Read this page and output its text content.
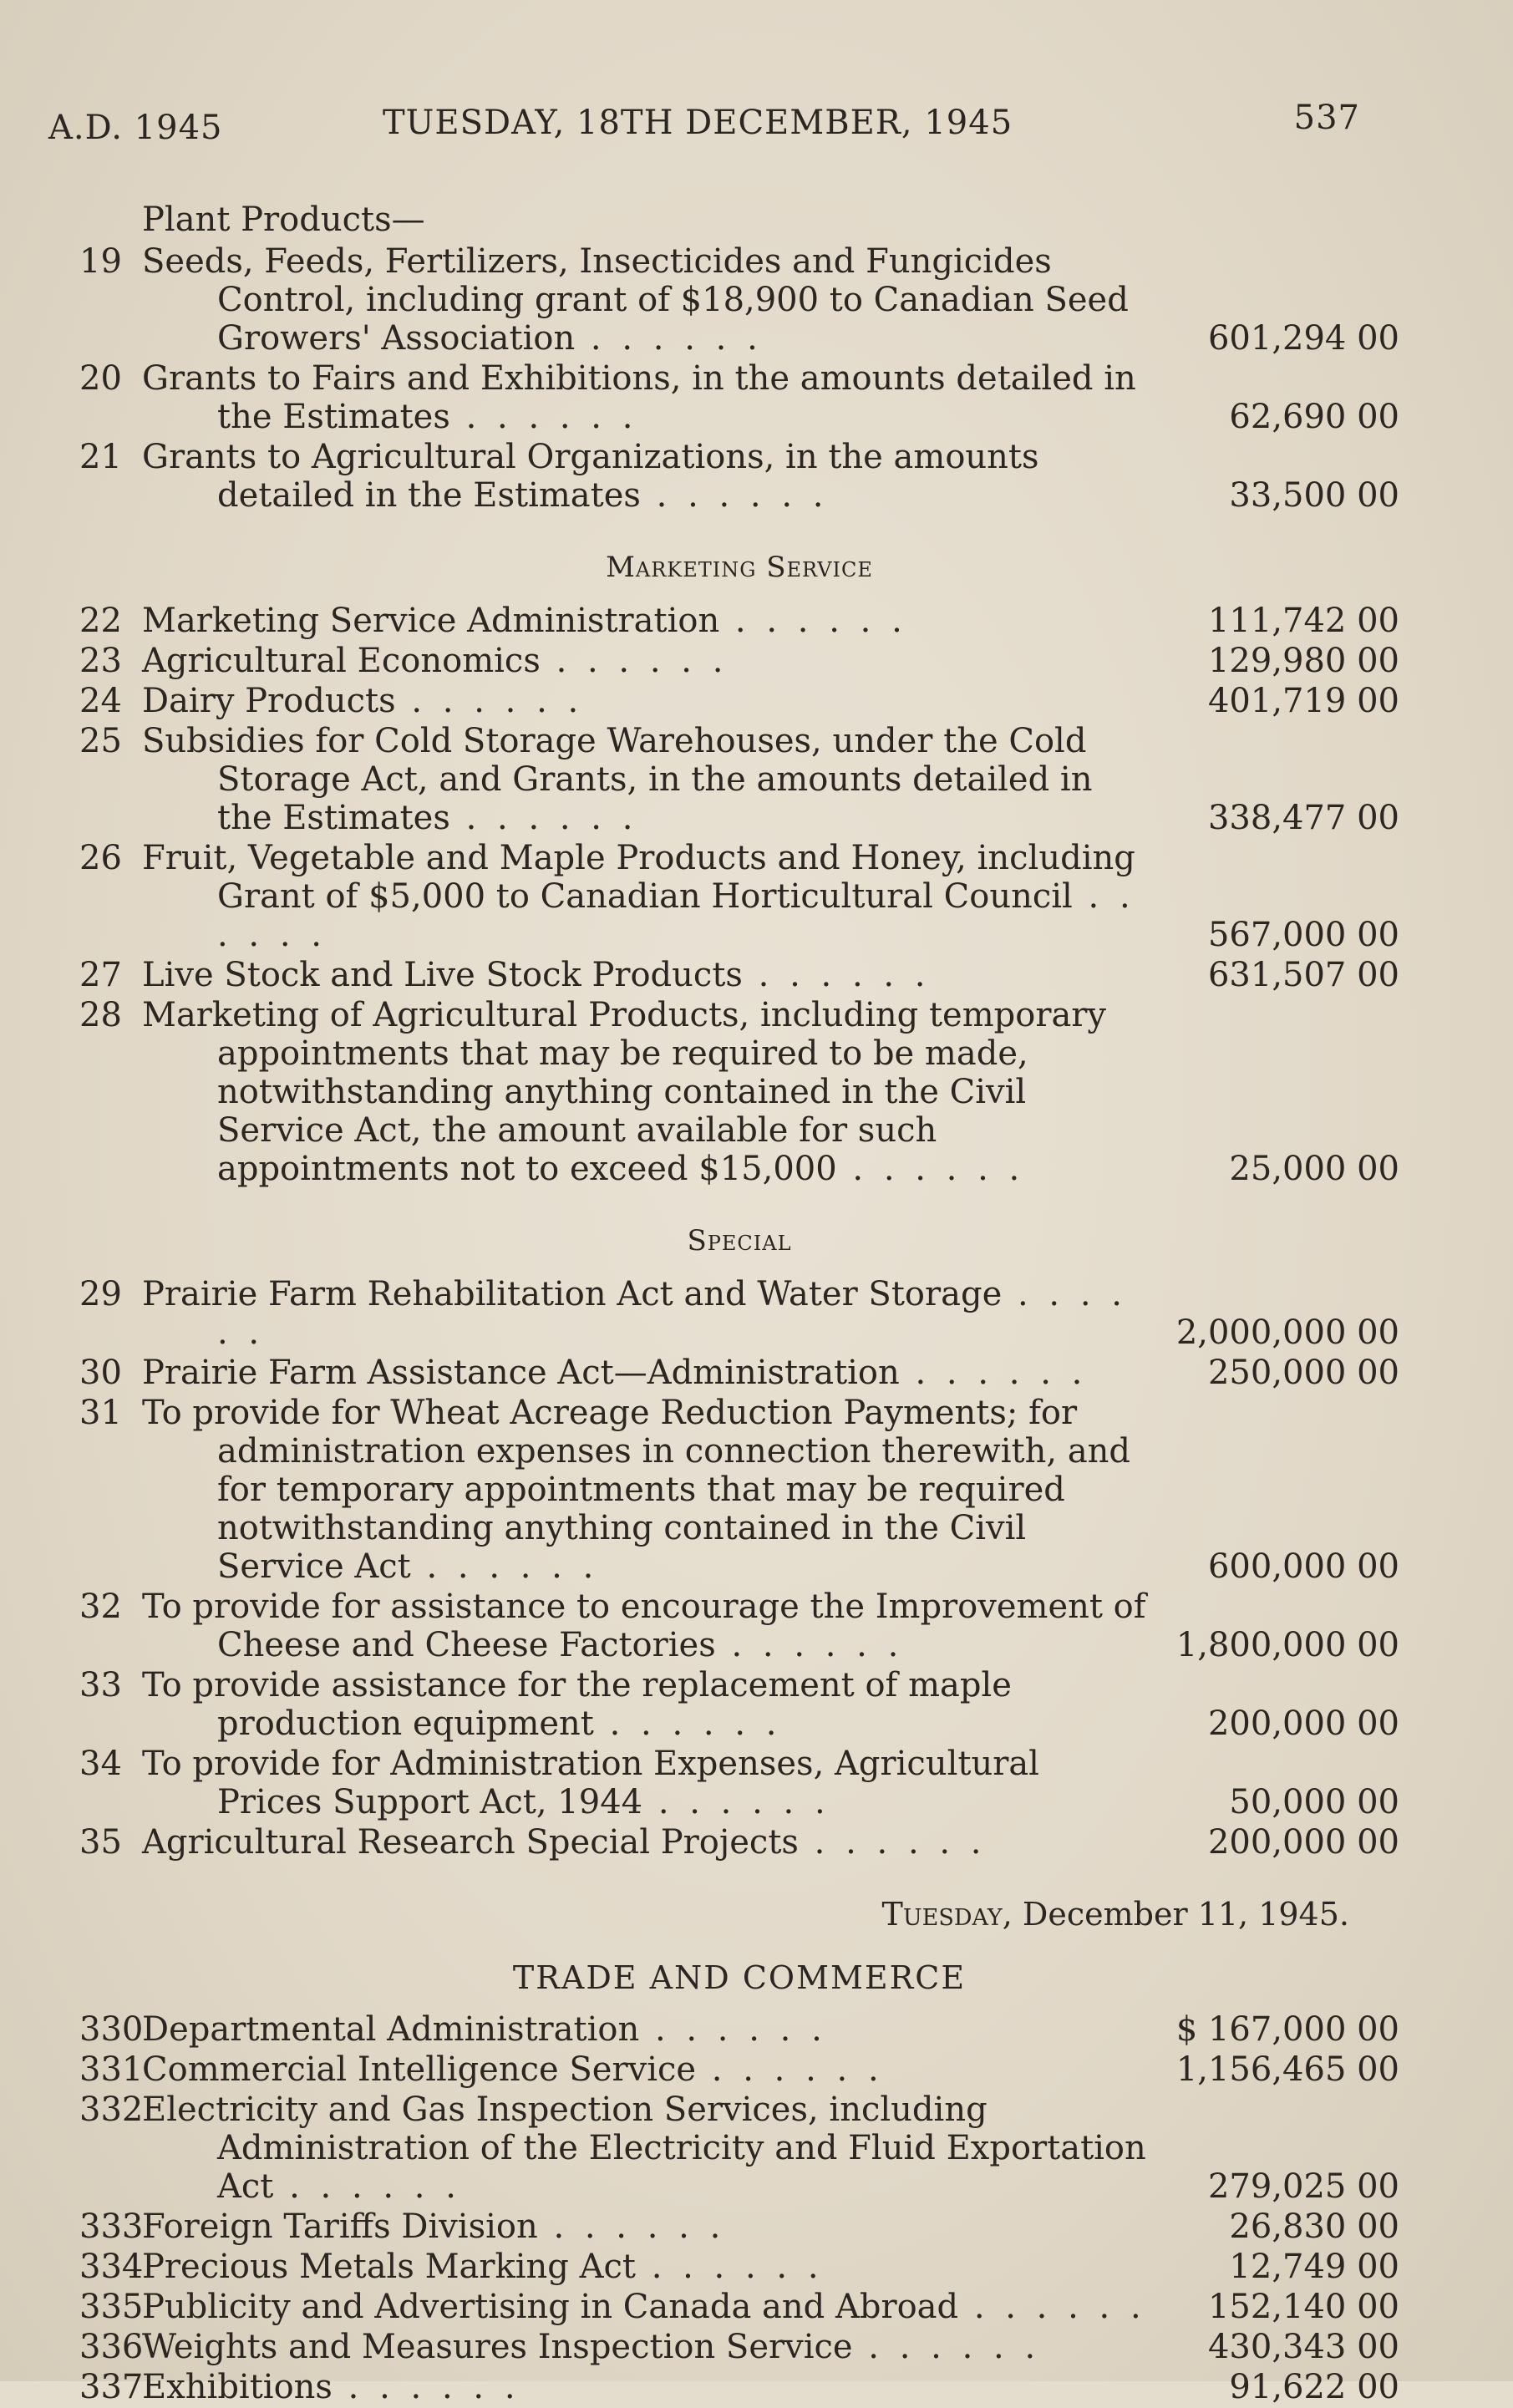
A.D. 1945	TUESDAY, 18TH DECEMBER, 1945	537
Plant Products—
19 Seeds, Feeds, Fertilizers, Insecticides and Fungicides Control, including grant of $18,900 to Canadian Seed Growers' Association . . . . . .	601,294 00
20 Grants to Fairs and Exhibitions, in the amounts detailed in the Estimates . . . . . .	62,690 00
21 Grants to Agricultural Organizations, in the amounts detailed in the Estimates . . . . . .	33,500 00
Marketing Service
22 Marketing Service Administration . . . . . .	111,742 00
23 Agricultural Economics . . . . . .	129,980 00
24 Dairy Products . . . . . .	401,719 00
25 Subsidies for Cold Storage Warehouses, under the Cold Storage Act, and Grants, in the amounts detailed in the Estimates . . . . . .	338,477 00
26 Fruit, Vegetable and Maple Products and Honey, including Grant of $5,000 to Canadian Horticultural Council . . . . . .	567,000 00
27 Live Stock and Live Stock Products . . . . . .	631,507 00
28 Marketing of Agricultural Products, including temporary appointments that may be required to be made, notwithstanding anything contained in the Civil Service Act, the amount available for such appointments not to exceed $15,000 . . . . . .	25,000 00
Special
29 Prairie Farm Rehabilitation Act and Water Storage . . . . . .	2,000,000 00
30 Prairie Farm Assistance Act—Administration . . . . . .	250,000 00
31 To provide for Wheat Acreage Reduction Payments; for administration expenses in connection therewith, and for temporary appointments that may be required notwithstanding anything contained in the Civil Service Act . . . . . .	600,000 00
32 To provide for assistance to encourage the Improvement of Cheese and Cheese Factories . . . . . .	1,800,000 00
33 To provide assistance for the replacement of maple production equipment . . . . . .	200,000 00
34 To provide for Administration Expenses, Agricultural Prices Support Act, 1944 . . . . . .	50,000 00
35 Agricultural Research Special Projects . . . . . .	200,000 00
Tuesday, December 11, 1945.
TRADE AND COMMERCE
330
Departmental Administration . . . . . .	$ 167,000 00
331
Commercial Intelligence Service . . . . . .	1,156,465 00
332
Electricity and Gas Inspection Services, including Administration of the Electricity and Fluid Exportation Act . . . . . .	279,025 00
333
Foreign Tariffs Division . . . . . .	26,830 00
334
Precious Metals Marking Act . . . . . .	12,749 00
335
Publicity and Advertising in Canada and Abroad . . . . . .	152,140 00
336
Weights and Measures Inspection Service . . . . . .	430,343 00
337
Exhibitions . . . . . .	91,622 00
